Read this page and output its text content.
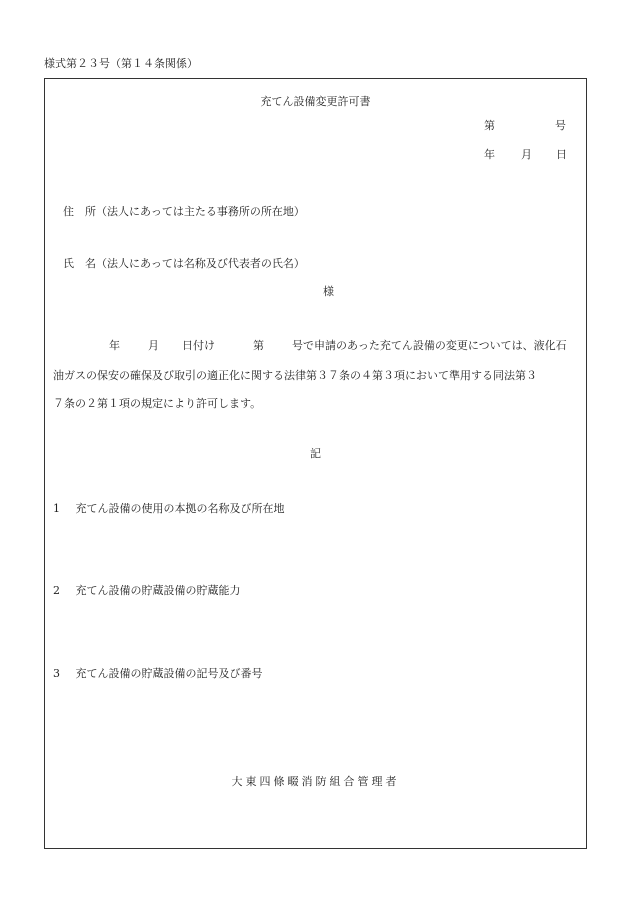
様式第２３号（第１４条関係）
充てん設備変更許可書
第	号
年 月 日
住　所（法人にあっては主たる事務所の所在地）
氏　名（法人にあっては名称及び代表者の氏名）
様
年	月 日付け	第	号で申請のあった充てん設備の変更については、液化石
油ガスの保安の確保及び取引の適正化に関する法律第３７条の４第３項において準用する同法第３
７条の２第１項の規定により許可します。
記
1 充てん設備の使用の本拠の名称及び所在地
2 充てん設備の貯蔵設備の貯蔵能力
3 充てん設備の貯蔵設備の記号及び番号
大東四條畷消防組合管理者
